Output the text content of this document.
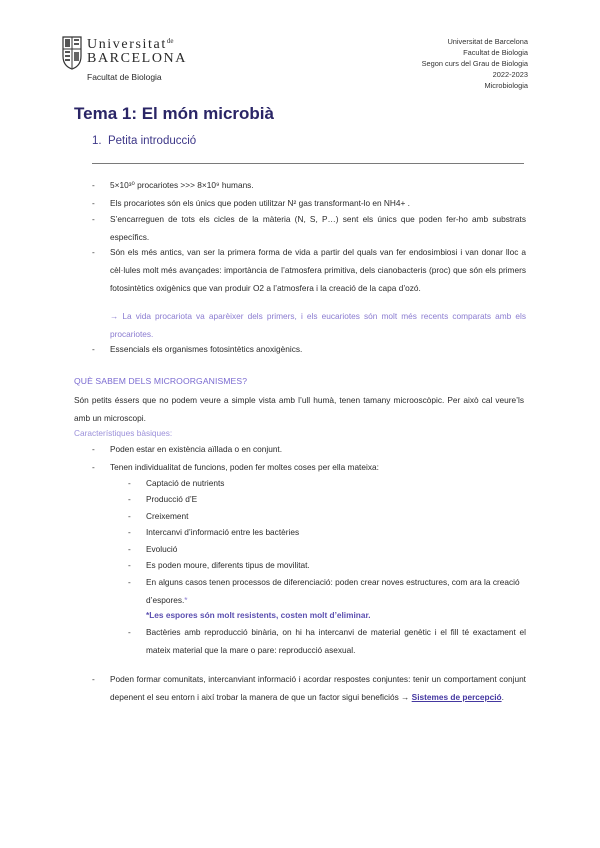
Universitat$^{de}$
BARCELONA
Facultat de Biologia
Universitat de Barcelona
Facultat de Biologia
Segon curs del Grau de Biologia
2022-2023
Microbiologia
Tema 1: El món microbià
1. Petita introducció
- 5×10³⁰ procariotes >>> 8×10⁹ humans.
- Els procariotes són els únics que poden utilitzar N² gas transformant-lo en NH4+ .
- S’encarreguen de tots els cicles de la màteria (N, S, P…) sent els únics que poden fer-ho amb substrats específics.
- Són els més antics, van ser la primera forma de vida a partir del quals van fer endosimbiosi i van donar lloc a cèl·lules molt més avançades: importància de l’atmosfera primitiva, dels cianobacteris (proc) que són els primers fotosintètics oxigènics que van produir O2 a l’atmosfera i la creació de la capa d’ozó.
→ La vida procariota va aparèixer dels primers, i els eucariotes són molt més recents comparats amb els procariotes.
- Essencials els organismes fotosintètics anoxigènics.
QUÈ SABEM DELS MICROORGANISMES?
Són petits éssers que no podem veure a simple vista amb l’ull humà, tenen tamany microoscòpic. Per això cal veure’ls amb un microscopi.
Característiques bàsiques:
- Poden estar en existència aïllada o en conjunt.
- Tenen individualitat de funcions, poden fer moltes coses per ella mateixa:
- Captació de nutrients
- Producció d’E
- Creixement
- Intercanvi d’informació entre les bactèries
- Evolució
- Es poden moure, diferents tipus de movilitat.
- En alguns casos tenen processos de diferenciació: poden crear noves estructures, com ara la creació d’espores.*
*Les espores són molt resistents, costen molt d’eliminar.
- Bactèries amb reproducció binària, on hi ha intercanvi de material genètic i el fill té exactament el mateix material que la mare o pare: reproducció asexual.
- Poden formar comunitats, intercanviant informació i acordar respostes conjuntes: tenir un comportament conjunt depenent el seu entorn i així trobar la manera de que un factor sigui beneficiós → Sistemes de percepció.
